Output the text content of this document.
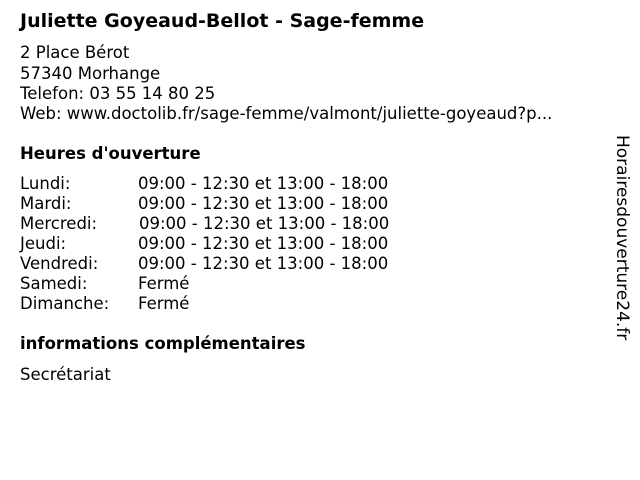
Juliette Goyeaud-Bellot - Sage-femme
2 Place Bérot
57340 Morhange
Telefon: 03 55 14 80 25
Web: www.doctolib.fr/sage-femme/valmont/juliette-goyeaud?p...
Heures d'ouverture
Lundi:	09:00 - 12:30 et 13:00 - 18:00
Mardi:	09:00 - 12:30 et 13:00 - 18:00
Mercredi:	09:00 - 12:30 et 13:00 - 18:00
Jeudi:	09:00 - 12:30 et 13:00 - 18:00
Vendredi: 09:00 - 12:30 et 13:00 - 18:00
Samedi:	Fermé
Dimanche: Fermé
informations complémentaires
Secrétariat
Horairesdouverture24.fr
